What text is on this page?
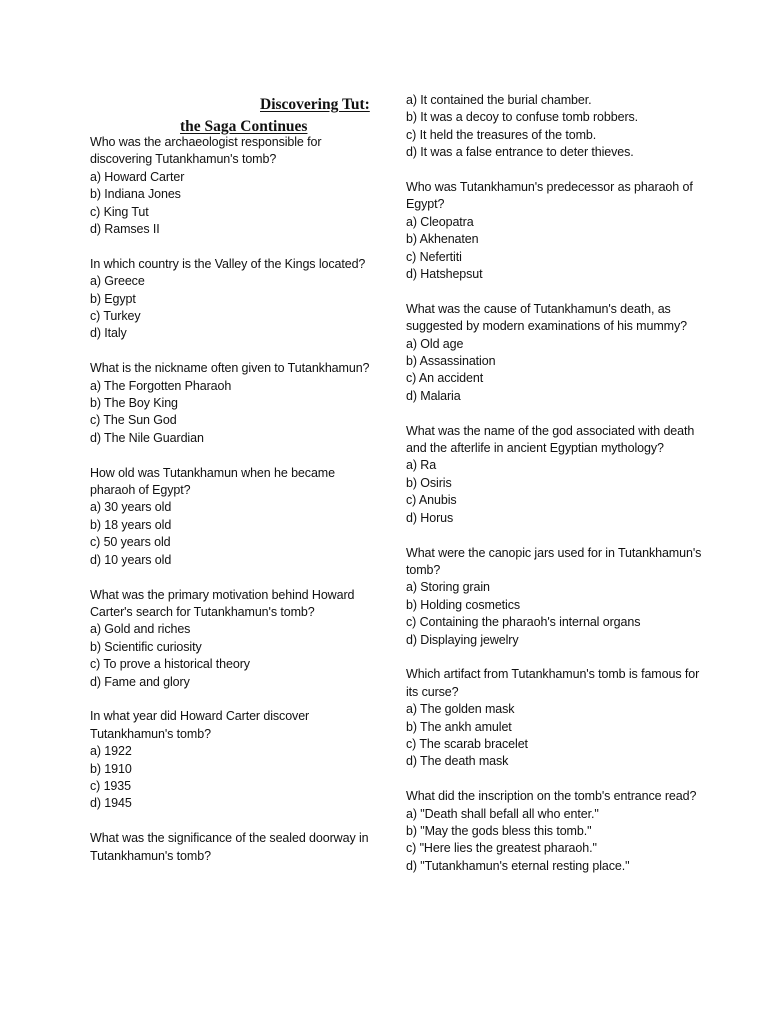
Discovering Tut:
the Saga Continues
Who was the archaeologist responsible for discovering Tutankhamun's tomb?
a) Howard Carter
b) Indiana Jones
c) King Tut
d) Ramses II
In which country is the Valley of the Kings located?
a) Greece
b) Egypt
c) Turkey
d) Italy
What is the nickname often given to Tutankhamun?
a) The Forgotten Pharaoh
b) The Boy King
c) The Sun God
d) The Nile Guardian
How old was Tutankhamun when he became pharaoh of Egypt?
a) 30 years old
b) 18 years old
c) 50 years old
d) 10 years old
What was the primary motivation behind Howard Carter's search for Tutankhamun's tomb?
a) Gold and riches
b) Scientific curiosity
c) To prove a historical theory
d) Fame and glory
In what year did Howard Carter discover Tutankhamun's tomb?
a) 1922
b) 1910
c) 1935
d) 1945
What was the significance of the sealed doorway in Tutankhamun's tomb?
a) It contained the burial chamber.
b) It was a decoy to confuse tomb robbers.
c) It held the treasures of the tomb.
d) It was a false entrance to deter thieves.
Who was Tutankhamun's predecessor as pharaoh of Egypt?
a) Cleopatra
b) Akhenaten
c) Nefertiti
d) Hatshepsut
What was the cause of Tutankhamun's death, as suggested by modern examinations of his mummy?
a) Old age
b) Assassination
c) An accident
d) Malaria
What was the name of the god associated with death and the afterlife in ancient Egyptian mythology?
a) Ra
b) Osiris
c) Anubis
d) Horus
What were the canopic jars used for in Tutankhamun's tomb?
a) Storing grain
b) Holding cosmetics
c) Containing the pharaoh's internal organs
d) Displaying jewelry
Which artifact from Tutankhamun's tomb is famous for its curse?
a) The golden mask
b) The ankh amulet
c) The scarab bracelet
d) The death mask
What did the inscription on the tomb's entrance read?
a) "Death shall befall all who enter."
b) "May the gods bless this tomb."
c) "Here lies the greatest pharaoh."
d) "Tutankhamun's eternal resting place."
